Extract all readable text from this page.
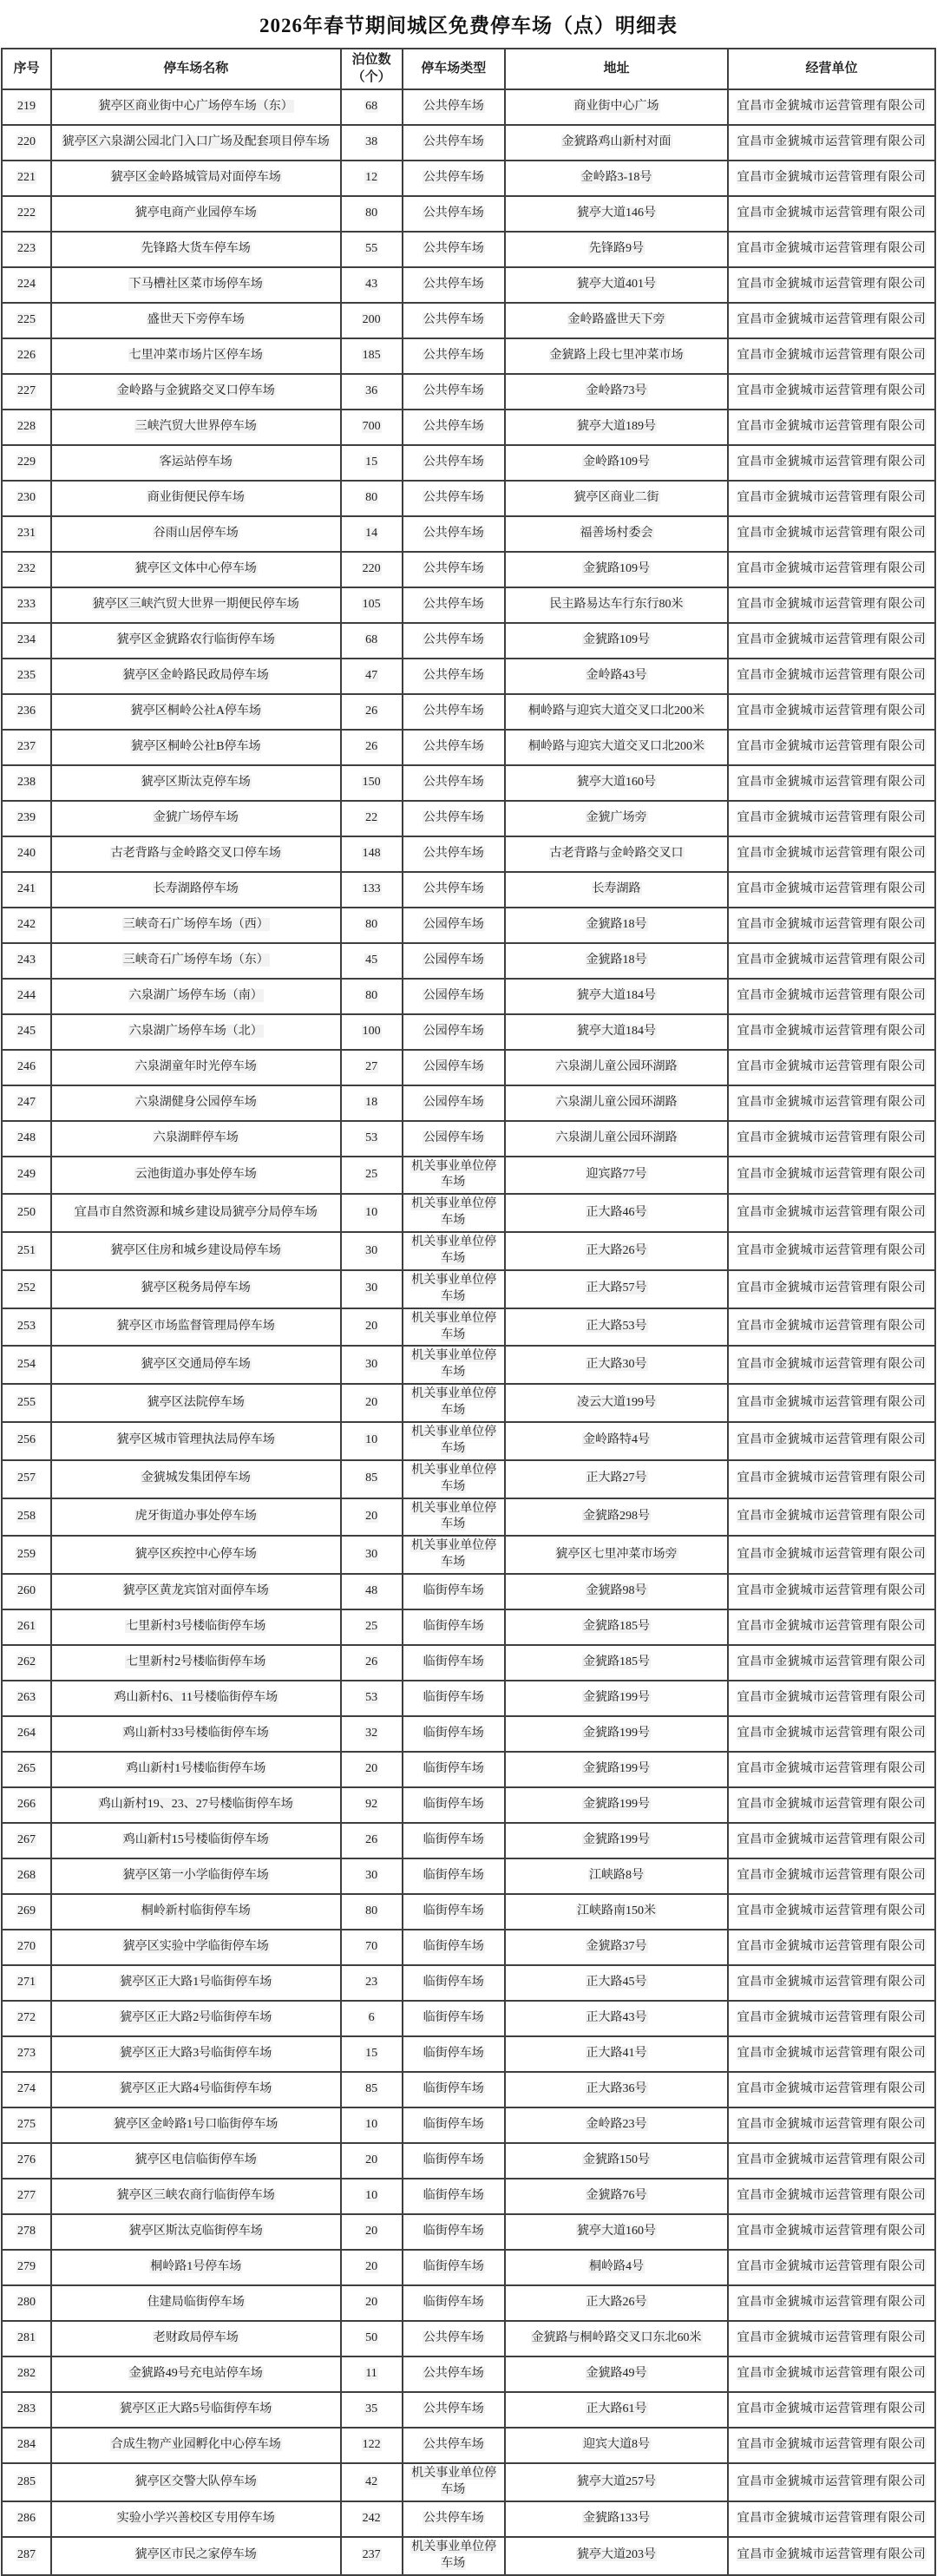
2026年春节期间城区免费停车场（点）明细表
序号	停车场名称	泊位数（个）	停车场类型	地址	经营单位
219	猇亭区商业街中心广场停车场（东）	68	公共停车场	商业街中心广场	宜昌市金猇城市运营管理有限公司
220	猇亭区六泉湖公园北门入口广场及配套项目停车场	38	公共停车场	金猇路鸡山新村对面	宜昌市金猇城市运营管理有限公司
221	猇亭区金岭路城管局对面停车场	12	公共停车场	金岭路3-18号	宜昌市金猇城市运营管理有限公司
222	猇亭电商产业园停车场	80	公共停车场	猇亭大道146号	宜昌市金猇城市运营管理有限公司
223	先锋路大货车停车场	55	公共停车场	先锋路9号	宜昌市金猇城市运营管理有限公司
224	下马槽社区菜市场停车场	43	公共停车场	猇亭大道401号	宜昌市金猇城市运营管理有限公司
225	盛世天下旁停车场	200	公共停车场	金岭路盛世天下旁	宜昌市金猇城市运营管理有限公司
226	七里冲菜市场片区停车场	185	公共停车场	金猇路上段七里冲菜市场	宜昌市金猇城市运营管理有限公司
227	金岭路与金猇路交叉口停车场	36	公共停车场	金岭路73号	宜昌市金猇城市运营管理有限公司
228	三峡汽贸大世界停车场	700	公共停车场	猇亭大道189号	宜昌市金猇城市运营管理有限公司
229	客运站停车场	15	公共停车场	金岭路109号	宜昌市金猇城市运营管理有限公司
230	商业街便民停车场	80	公共停车场	猇亭区商业二街	宜昌市金猇城市运营管理有限公司
231	谷雨山居停车场	14	公共停车场	福善场村委会	宜昌市金猇城市运营管理有限公司
232	猇亭区文体中心停车场	220	公共停车场	金猇路109号	宜昌市金猇城市运营管理有限公司
233	猇亭区三峡汽贸大世界一期便民停车场	105	公共停车场	民主路易达车行东行80米	宜昌市金猇城市运营管理有限公司
234	猇亭区金猇路农行临街停车场	68	公共停车场	金猇路109号	宜昌市金猇城市运营管理有限公司
235	猇亭区金岭路民政局停车场	47	公共停车场	金岭路43号	宜昌市金猇城市运营管理有限公司
236	猇亭区桐岭公社A停车场	26	公共停车场	桐岭路与迎宾大道交叉口北200米	宜昌市金猇城市运营管理有限公司
237	猇亭区桐岭公社B停车场	26	公共停车场	桐岭路与迎宾大道交叉口北200米	宜昌市金猇城市运营管理有限公司
238	猇亭区斯汰克停车场	150	公共停车场	猇亭大道160号	宜昌市金猇城市运营管理有限公司
239	金猇广场停车场	22	公共停车场	金猇广场旁	宜昌市金猇城市运营管理有限公司
240	古老背路与金岭路交叉口停车场	148	公共停车场	古老背路与金岭路交叉口	宜昌市金猇城市运营管理有限公司
241	长寿湖路停车场	133	公共停车场	长寿湖路	宜昌市金猇城市运营管理有限公司
242	三峡奇石广场停车场（西）	80	公园停车场	金猇路18号	宜昌市金猇城市运营管理有限公司
243	三峡奇石广场停车场（东）	45	公园停车场	金猇路18号	宜昌市金猇城市运营管理有限公司
244	六泉湖广场停车场（南）	80	公园停车场	猇亭大道184号	宜昌市金猇城市运营管理有限公司
245	六泉湖广场停车场（北）	100	公园停车场	猇亭大道184号	宜昌市金猇城市运营管理有限公司
246	六泉湖童年时光停车场	27	公园停车场	六泉湖儿童公园环湖路	宜昌市金猇城市运营管理有限公司
247	六泉湖健身公园停车场	18	公园停车场	六泉湖儿童公园环湖路	宜昌市金猇城市运营管理有限公司
248	六泉湖畔停车场	53	公园停车场	六泉湖儿童公园环湖路	宜昌市金猇城市运营管理有限公司
249	云池街道办事处停车场	25	机关事业单位停车场	迎宾路77号	宜昌市金猇城市运营管理有限公司
250	宜昌市自然资源和城乡建设局猇亭分局停车场	10	机关事业单位停车场	正大路46号	宜昌市金猇城市运营管理有限公司
251	猇亭区住房和城乡建设局停车场	30	机关事业单位停车场	正大路26号	宜昌市金猇城市运营管理有限公司
252	猇亭区税务局停车场	30	机关事业单位停车场	正大路57号	宜昌市金猇城市运营管理有限公司
253	猇亭区市场监督管理局停车场	20	机关事业单位停车场	正大路53号	宜昌市金猇城市运营管理有限公司
254	猇亭区交通局停车场	30	机关事业单位停车场	正大路30号	宜昌市金猇城市运营管理有限公司
255	猇亭区法院停车场	20	机关事业单位停车场	凌云大道199号	宜昌市金猇城市运营管理有限公司
256	猇亭区城市管理执法局停车场	10	机关事业单位停车场	金岭路特4号	宜昌市金猇城市运营管理有限公司
257	金猇城发集团停车场	85	机关事业单位停车场	正大路27号	宜昌市金猇城市运营管理有限公司
258	虎牙街道办事处停车场	20	机关事业单位停车场	金猇路298号	宜昌市金猇城市运营管理有限公司
259	猇亭区疾控中心停车场	30	机关事业单位停车场	猇亭区七里冲菜市场旁	宜昌市金猇城市运营管理有限公司
260	猇亭区黄龙宾馆对面停车场	48	临街停车场	金猇路98号	宜昌市金猇城市运营管理有限公司
261	七里新村3号楼临街停车场	25	临街停车场	金猇路185号	宜昌市金猇城市运营管理有限公司
262	七里新村2号楼临街停车场	26	临街停车场	金猇路185号	宜昌市金猇城市运营管理有限公司
263	鸡山新村6、11号楼临街停车场	53	临街停车场	金猇路199号	宜昌市金猇城市运营管理有限公司
264	鸡山新村33号楼临街停车场	32	临街停车场	金猇路199号	宜昌市金猇城市运营管理有限公司
265	鸡山新村1号楼临街停车场	20	临街停车场	金猇路199号	宜昌市金猇城市运营管理有限公司
266	鸡山新村19、23、27号楼临街停车场	92	临街停车场	金猇路199号	宜昌市金猇城市运营管理有限公司
267	鸡山新村15号楼临街停车场	26	临街停车场	金猇路199号	宜昌市金猇城市运营管理有限公司
268	猇亭区第一小学临街停车场	30	临街停车场	江峡路8号	宜昌市金猇城市运营管理有限公司
269	桐岭新村临街停车场	80	临街停车场	江峡路南150米	宜昌市金猇城市运营管理有限公司
270	猇亭区实验中学临街停车场	70	临街停车场	金猇路37号	宜昌市金猇城市运营管理有限公司
271	猇亭区正大路1号临街停车场	23	临街停车场	正大路45号	宜昌市金猇城市运营管理有限公司
272	猇亭区正大路2号临街停车场	6	临街停车场	正大路43号	宜昌市金猇城市运营管理有限公司
273	猇亭区正大路3号临街停车场	15	临街停车场	正大路41号	宜昌市金猇城市运营管理有限公司
274	猇亭区正大路4号临街停车场	85	临街停车场	正大路36号	宜昌市金猇城市运营管理有限公司
275	猇亭区金岭路1号口临街停车场	10	临街停车场	金岭路23号	宜昌市金猇城市运营管理有限公司
276	猇亭区电信临街停车场	20	临街停车场	金猇路150号	宜昌市金猇城市运营管理有限公司
277	猇亭区三峡农商行临街停车场	10	临街停车场	金猇路76号	宜昌市金猇城市运营管理有限公司
278	猇亭区斯汰克临街停车场	20	临街停车场	猇亭大道160号	宜昌市金猇城市运营管理有限公司
279	桐岭路1号停车场	20	临街停车场	桐岭路4号	宜昌市金猇城市运营管理有限公司
280	住建局临街停车场	20	临街停车场	正大路26号	宜昌市金猇城市运营管理有限公司
281	老财政局停车场	50	公共停车场	金猇路与桐岭路交叉口东北60米	宜昌市金猇城市运营管理有限公司
282	金猇路49号充电站停车场	11	公共停车场	金猇路49号	宜昌市金猇城市运营管理有限公司
283	猇亭区正大路5号临街停车场	35	公共停车场	正大路61号	宜昌市金猇城市运营管理有限公司
284	合成生物产业园孵化中心停车场	122	公共停车场	迎宾大道8号	宜昌市金猇城市运营管理有限公司
285	猇亭区交警大队停车场	42	机关事业单位停车场	猇亭大道257号	宜昌市金猇城市运营管理有限公司
286	实验小学兴善校区专用停车场	242	公共停车场	金猇路133号	宜昌市金猇城市运营管理有限公司
287	猇亭区市民之家停车场	237	机关事业单位停车场	猇亭大道203号	宜昌市金猇城市运营管理有限公司
